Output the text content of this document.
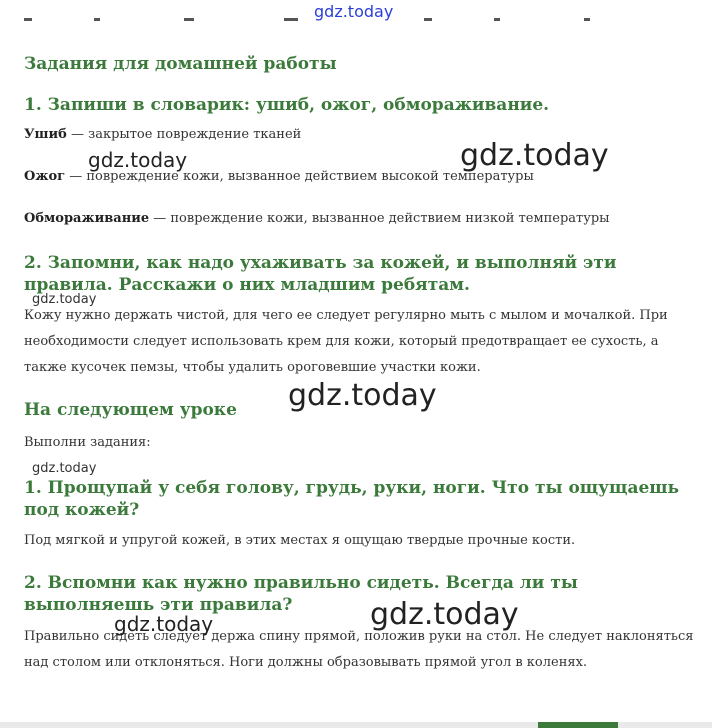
gdz.today
Задания для домашней работы
1. Запиши в словарик: ушиб, ожог, обмораживание.

Ушиб — закрытое повреждение тканей

Ожог — повреждение кожи, вызванное действием высокой температуры

Обмораживание — повреждение кожи, вызванное действием низкой температуры

2. Запомни, как надо ухаживать за кожей, и выполняй эти правила. Расскажи о них младшим ребятам.

Кожу нужно держать чистой, для чего ее следует регулярно мыть с мылом и мочалкой. При необходимости следует использовать крем для кожи, который предотвращает ее сухость, а также кусочек пемзы, чтобы удалить ороговевшие участки кожи.

На следующем уроке

Выполни задания:

1. Прощупай у себя голову, грудь, руки, ноги. Что ты ощущаешь под кожей?

Под мягкой и упругой кожей, в этих местах я ощущаю твердые прочные кости.

2. Вспомни как нужно правильно сидеть. Всегда ли ты выполняешь эти правила?

Правильно сидеть следует держа спину прямой, положив руки на стол. Не следует наклоняться над столом или отклоняться. Ноги должны образовывать прямой угол в коленях.

gdz.today	gdz.today
gdz.today
gdz.today
gdz.today
gdz.today	gdz.today
